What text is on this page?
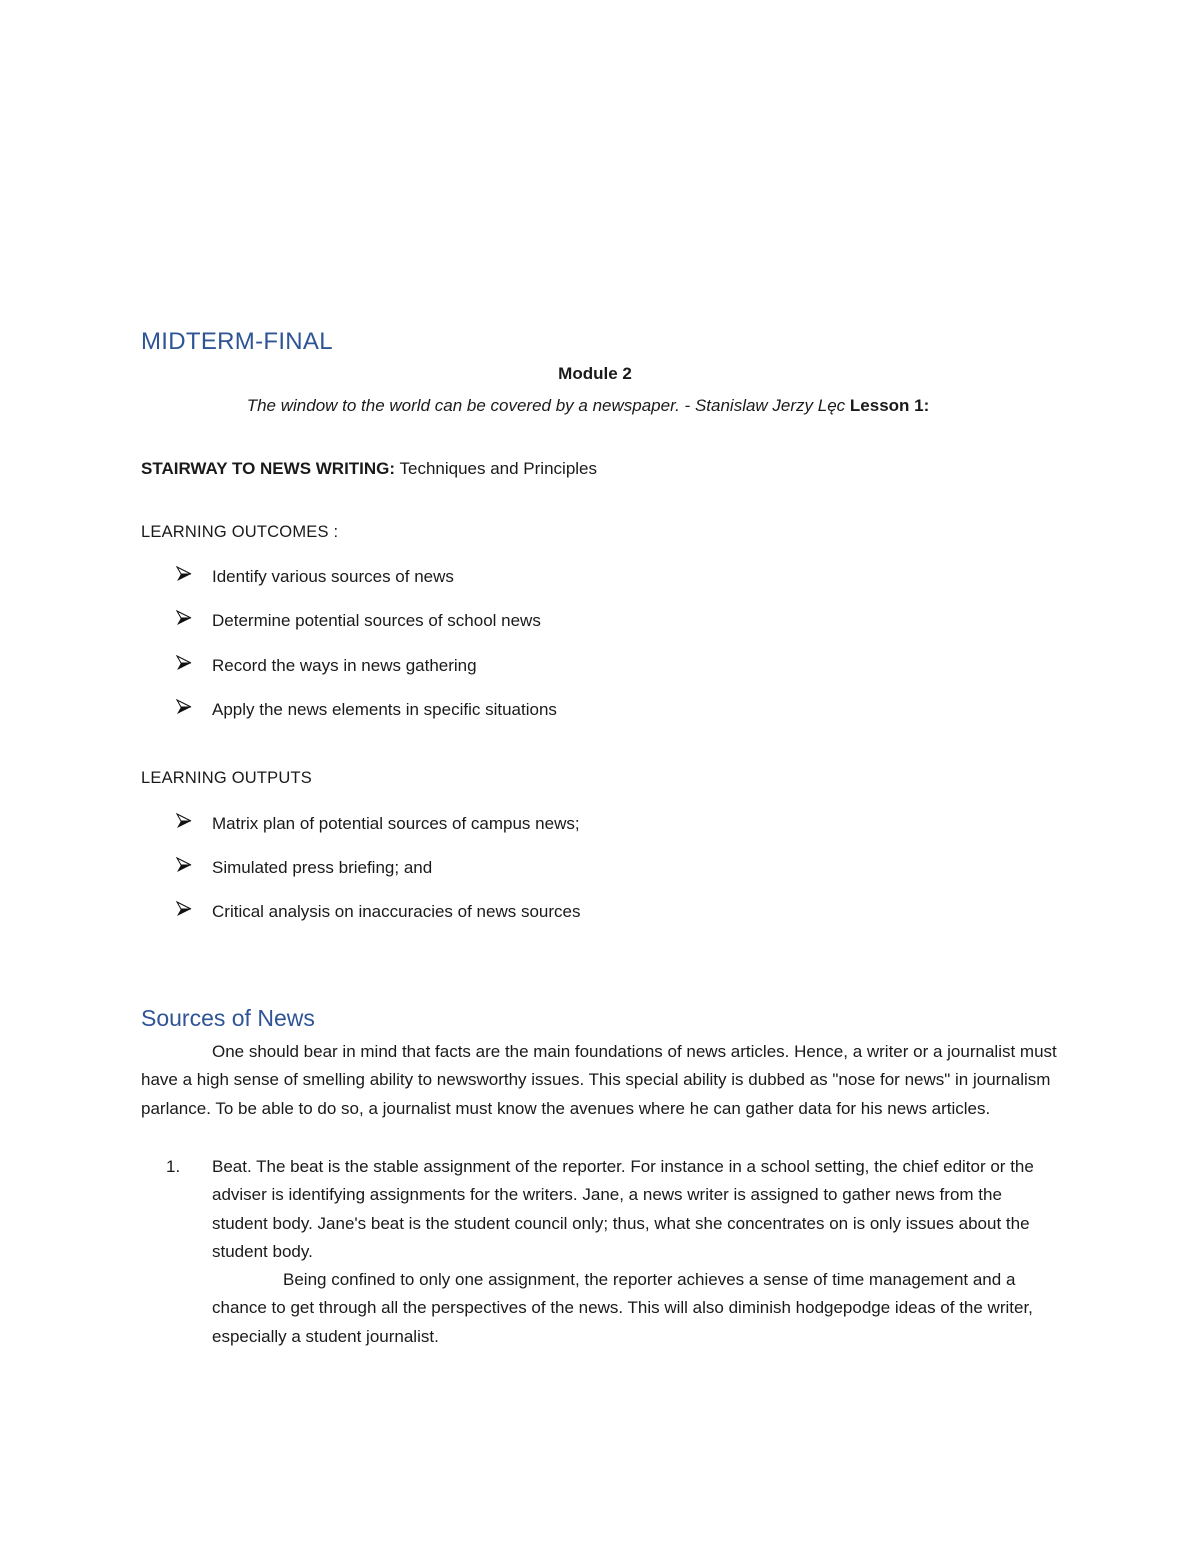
MIDTERM-FINAL
Module 2
The window to the world can be covered by a newspaper. - Stanislaw Jerzy Lęc Lesson 1:
STAIRWAY TO NEWS WRITING: Techniques and Principles
LEARNING OUTCOMES :
Identify various sources of news
Determine potential sources of school news
Record the ways in news gathering
Apply the news elements in specific situations
LEARNING OUTPUTS
Matrix plan of potential sources of campus news;
Simulated press briefing; and
Critical analysis on inaccuracies of news sources
Sources of News
One should bear in mind that facts are the main foundations of news articles. Hence, a writer or a journalist must have a high sense of smelling ability to newsworthy issues. This special ability is dubbed as "nose for news" in journalism parlance. To be able to do so, a journalist must know the avenues where he can gather data for his news articles.
1. Beat. The beat is the stable assignment of the reporter. For instance in a school setting, the chief editor or the adviser is identifying assignments for the writers. Jane, a news writer is assigned to gather news from the student body. Jane's beat is the student council only; thus, what she concentrates on is only issues about the student body.
Being confined to only one assignment, the reporter achieves a sense of time management and a chance to get through all the perspectives of the news. This will also diminish hodgepodge ideas of the writer, especially a student journalist.
